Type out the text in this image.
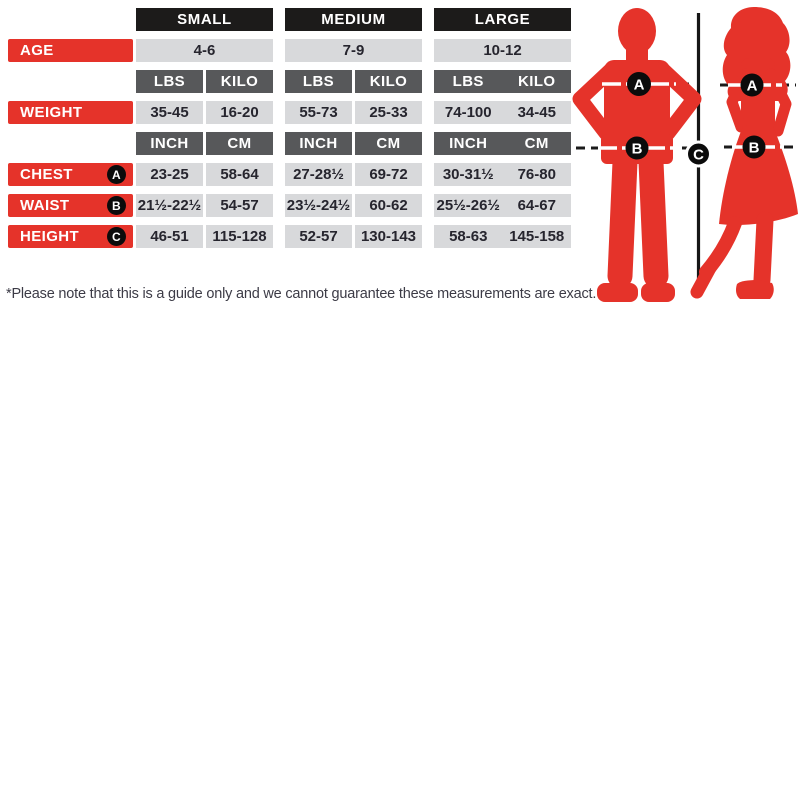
SMALL	MEDIUM	LARGE
AGE	4-6	7-9	10-12
LBS	KILO	LBS	KILO	LBS	KILO
WEIGHT	35-45	16-20	55-73	25-33	74-100	34-45
INCH	CM	INCH	CM	INCH	CM
CHEST	A	23-25	58-64	27-28½	69-72	30-31½	76-80
WAIST	B	21½-22½	54-57	23½-24½	60-62	25½-26½	64-67
HEIGHT	C	46-51	115-128	52-57	130-143	58-63	145-158
*Please note that this is a guide only and we cannot guarantee these measurements are exact.
A
B
A
B
C
